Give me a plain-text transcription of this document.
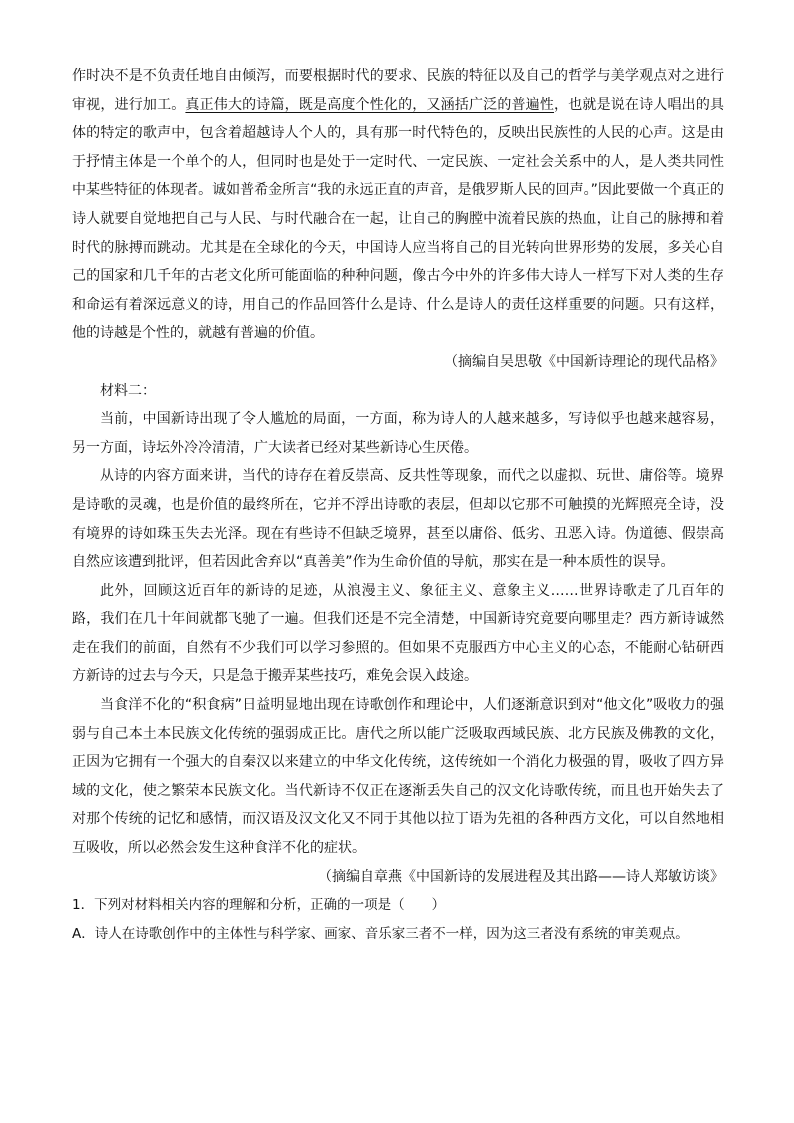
作时决不是不负责任地自由倾泻，而要根据时代的要求、民族的特征以及自己的哲学与美学观点对之进行审视，进行加工。真正伟大的诗篇，既是高度个性化的，又涵括广泛的普遍性，也就是说在诗人唱出的具体的特定的歌声中，包含着超越诗人个人的，具有那一时代特色的，反映出民族性的人民的心声。这是由于抒情主体是一个单个的人，但同时也是处于一定时代、一定民族、一定社会关系中的人，是人类共同性中某些特征的体现者。诚如普希金所言“我的永远正直的声音，是俄罗斯人民的回声。”因此要做一个真正的诗人就要自觉地把自己与人民、与时代融合在一起，让自己的胸膛中流着民族的热血，让自己的脉搏和着时代的脉搏而跳动。尤其是在全球化的今天，中国诗人应当将自己的目光转向世界形势的发展，多关心自己的国家和几千年的古老文化所可能面临的种种问题，像古今中外的许多伟大诗人一样写下对人类的生存和命运有着深远意义的诗，用自己的作品回答什么是诗、什么是诗人的责任这样重要的问题。只有这样，他的诗越是个性的，就越有普遍的价值。

（摘编自吴思敬《中国新诗理论的现代品格》

材料二：

当前，中国新诗出现了令人尴尬的局面，一方面，称为诗人的人越来越多，写诗似乎也越来越容易，另一方面，诗坛外冷冷清清，广大读者已经对某些新诗心生厌倦。

从诗的内容方面来讲，当代的诗存在着反崇高、反共性等现象，而代之以虚拟、玩世、庸俗等。境界是诗歌的灵魂，也是价值的最终所在，它并不浮出诗歌的表层，但却以它那不可触摸的光辉照亮全诗，没有境界的诗如珠玉失去光泽。现在有些诗不但缺乏境界，甚至以庸俗、低劣、丑恶入诗。伪道德、假崇高自然应该遭到批评，但若因此舍弃以“真善美”作为生命价值的导航，那实在是一种本质性的误导。

此外，回顾这近百年的新诗的足迹，从浪漫主义、象征主义、意象主义……世界诗歌走了几百年的路，我们在几十年间就都飞驰了一遍。但我们还是不完全清楚，中国新诗究竟要向哪里走？西方新诗诚然走在我们的前面，自然有不少我们可以学习参照的。但如果不克服西方中心主义的心态，不能耐心钻研西方新诗的过去与今天，只是急于搬弄某些技巧，难免会误入歧途。

当食洋不化的“积食病”日益明显地出现在诗歌创作和理论中，人们逐渐意识到对“他文化”吸收力的强弱与自己本土本民族文化传统的强弱成正比。唐代之所以能广泛吸取西域民族、北方民族及佛教的文化，正因为它拥有一个强大的自秦汉以来建立的中华文化传统，这传统如一个消化力极强的胃，吸收了四方异域的文化，使之繁荣本民族文化。当代新诗不仅正在逐渐丢失自己的汉文化诗歌传统，而且也开始失去了对那个传统的记忆和感情，而汉语及汉文化又不同于其他以拉丁语为先祖的各种西方文化，可以自然地相互吸收，所以必然会发生这种食洋不化的症状。

（摘编自章燕《中国新诗的发展进程及其出路——诗人郑敏访谈》

1．下列对材料相关内容的理解和分析，正确的一项是（　　）

A．诗人在诗歌创作中的主体性与科学家、画家、音乐家三者不一样，因为这三者没有系统的审美观点。
